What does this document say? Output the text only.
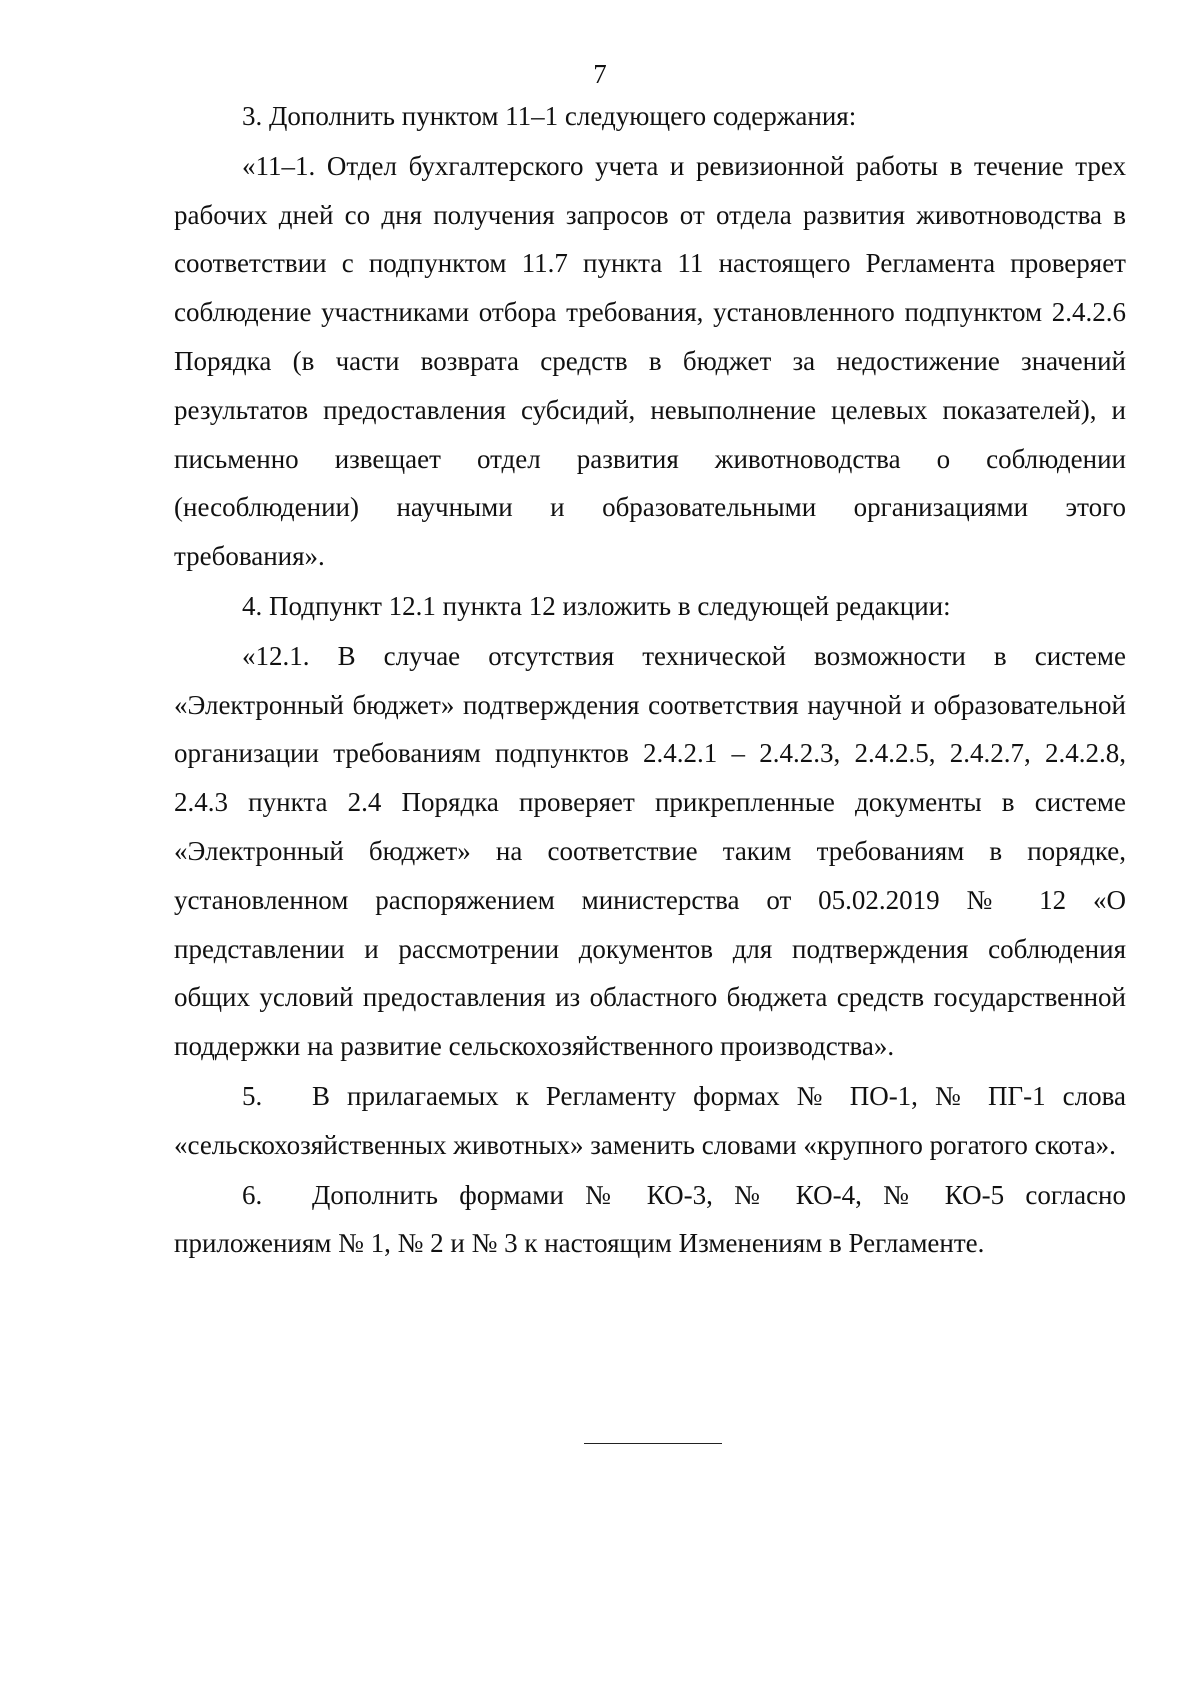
7

3. Дополнить пунктом 11–1 следующего содержания:

«11–1. Отдел бухгалтерского учета и ревизионной работы в течение трех рабочих дней со дня получения запросов от отдела развития животноводства в соответствии с подпунктом 11.7 пункта 11 настоящего Регламента проверяет соблюдение участниками отбора требования, установленного подпунктом 2.4.2.6 Порядка (в части возврата средств в бюджет за недостижение значений результатов предоставления субсидий, невыполнение целевых показателей), и письменно извещает отдел развития животноводства о соблюдении (несоблюдении) научными и образовательными организациями этого требования».

4. Подпункт 12.1 пункта 12 изложить в следующей редакции:

«12.1. В случае отсутствия технической возможности в системе «Электронный бюджет» подтверждения соответствия научной и образовательной организации требованиям подпунктов 2.4.2.1 – 2.4.2.3, 2.4.2.5, 2.4.2.7, 2.4.2.8, 2.4.3 пункта 2.4 Порядка проверяет прикрепленные документы в системе «Электронный бюджет» на соответствие таким требованиям в порядке, установленном распоряжением министерства от 05.02.2019 № 12 «О представлении и рассмотрении документов для подтверждения соблюдения общих условий предоставления из областного бюджета средств государственной поддержки на развитие сельскохозяйственного производства».

5. В прилагаемых к Регламенту формах № ПО-1, № ПГ-1 слова «сельскохозяйственных животных» заменить словами «крупного рогатого скота».

6. Дополнить формами № КО-3, № КО-4, № КО-5 согласно приложениям № 1, № 2 и № 3 к настоящим Изменениям в Регламенте.
